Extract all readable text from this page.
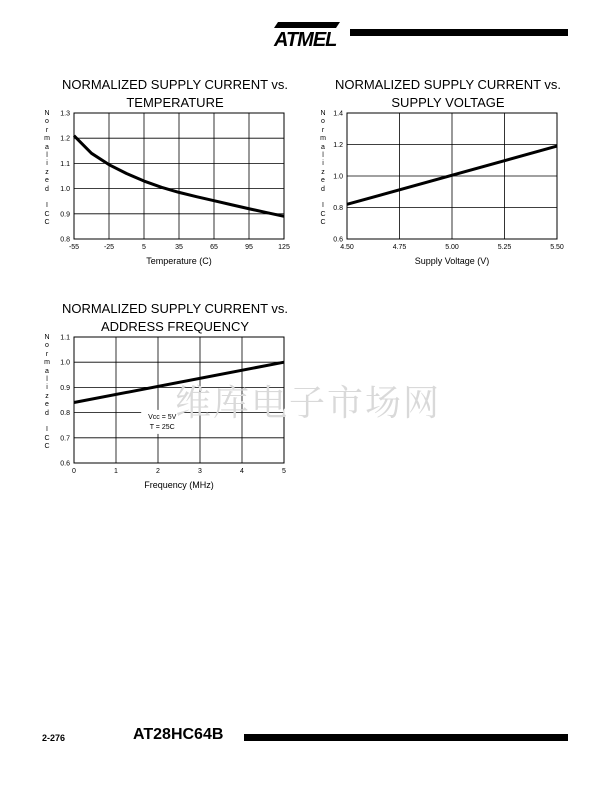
ATMEL
NORMALIZED SUPPLY CURRENT vs.
TEMPERATURE
N
o
r
m
a
l
i
z
e
d

I
C
C
-55	-25	5	35	65	95	125
1.3
1.2
1.1
1.0
0.9
0.8
Temperature (C)
NORMALIZED SUPPLY CURRENT vs.
SUPPLY VOLTAGE
N
o
r
m
a
l
i
z
e
d

I
C
C
4.50	4.75	5.00	5.25	5.50
1.4
1.2
1.0
0.8
0.6
Supply Voltage (V)
NORMALIZED SUPPLY CURRENT vs.
ADDRESS FREQUENCY
N
o
r
m
a
l
i
z
e
d

I
C
C
0	1	2	3	4	5
1.1
1.0
0.9
0.8
0.7
0.6
Frequency (MHz)
Vcc = 5V
T = 25C
维库电子市场网
2-276	AT28HC64B
